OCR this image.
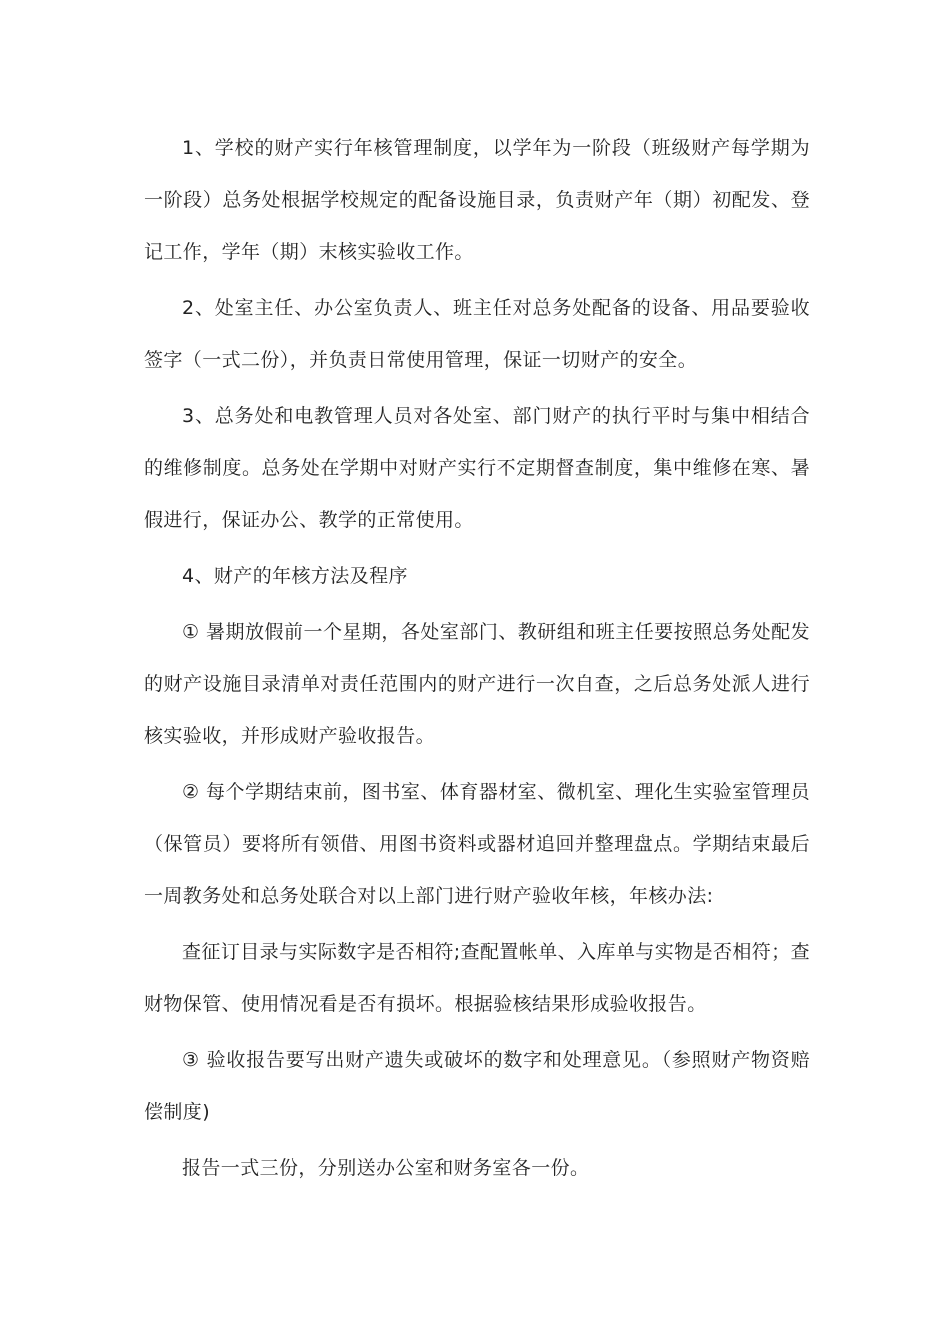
1、学校的财产实行年核管理制度，以学年为一阶段（班级财产每学期为一阶段）总务处根据学校规定的配备设施目录，负责财产年（期）初配发、登记工作，学年（期）末核实验收工作。

2、处室主任、办公室负责人、班主任对总务处配备的设备、用品要验收签字（一式二份），并负责日常使用管理，保证一切财产的安全。

3、总务处和电教管理人员对各处室、部门财产的执行平时与集中相结合的维修制度。总务处在学期中对财产实行不定期督查制度，集中维修在寒、暑假进行，保证办公、教学的正常使用。

4、财产的年核方法及程序

① 暑期放假前一个星期，各处室部门、教研组和班主任要按照总务处配发的财产设施目录清单对责任范围内的财产进行一次自查，之后总务处派人进行核实验收，并形成财产验收报告。

② 每个学期结束前，图书室、体育器材室、微机室、理化生实验室管理员（保管员）要将所有领借、用图书资料或器材追回并整理盘点。学期结束最后一周教务处和总务处联合对以上部门进行财产验收年核，年核办法:

查征订目录与实际数字是否相符;查配置帐单、入库单与实物是否相符；查财物保管、使用情况看是否有损坏。根据验核结果形成验收报告。

③ 验收报告要写出财产遗失或破坏的数字和处理意见。（参照财产物资赔偿制度)

报告一式三份，分别送办公室和财务室各一份。
